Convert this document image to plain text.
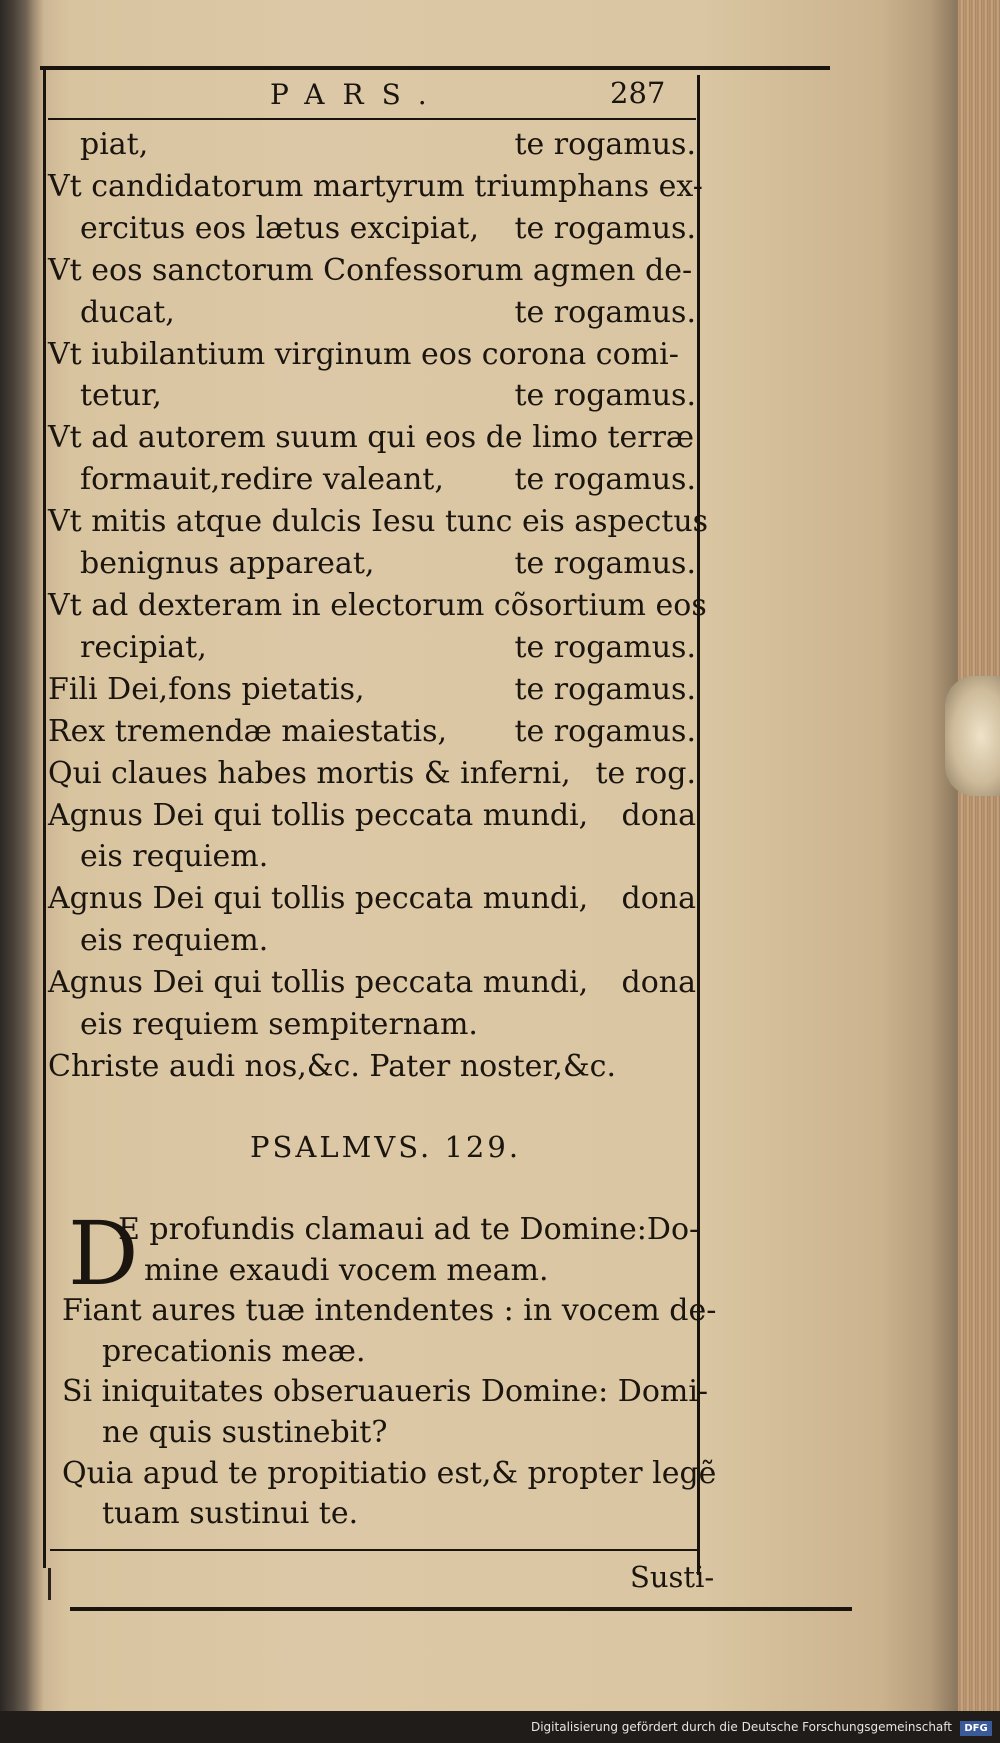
PARS.	287
piat,	te rogamus.
Vt candidatorum martyrum triumphans ex-
ercitus eos lætus excipiat, te rogamus.
Vt eos sanctorum Confessorum agmen de-
ducat,	te rogamus.
Vt iubilantium virginum eos corona comi-
tetur,	te rogamus.
Vt ad autorem suum qui eos de limo terræ
formauit,redire valeant, te rogamus.
Vt mitis atque dulcis Iesu tunc eis aspectus
benignus appareat,	te rogamus.
Vt ad dexteram in electorum cõsortium eos
recipiat,	te rogamus.
Fili Dei,fons pietatis,	te rogamus.
Rex tremendæ maiestatis, te rogamus.
Qui claues habes mortis & inferni, te rog.
Agnus Dei qui tollis peccata mundi, dona
eis requiem.
Agnus Dei qui tollis peccata mundi, dona
eis requiem.
Agnus Dei qui tollis peccata mundi, dona
eis requiem sempiternam.
Christe audi nos,&c. Pater noster,&c.
PSALMVS. 129.
D
E profundis clamaui ad te Domine:Do-
mine exaudi vocem meam.
Fiant aures tuæ intendentes : in vocem de-
precationis meæ.
Si iniquitates obseruaueris Domine: Domi-
ne quis sustinebit?
Quia apud te propitiatio est,& propter legẽ
tuam sustinui te.
Susti-
Digitalisierung gefördert durch die Deutsche Forschungsgemeinschaft	DFG
